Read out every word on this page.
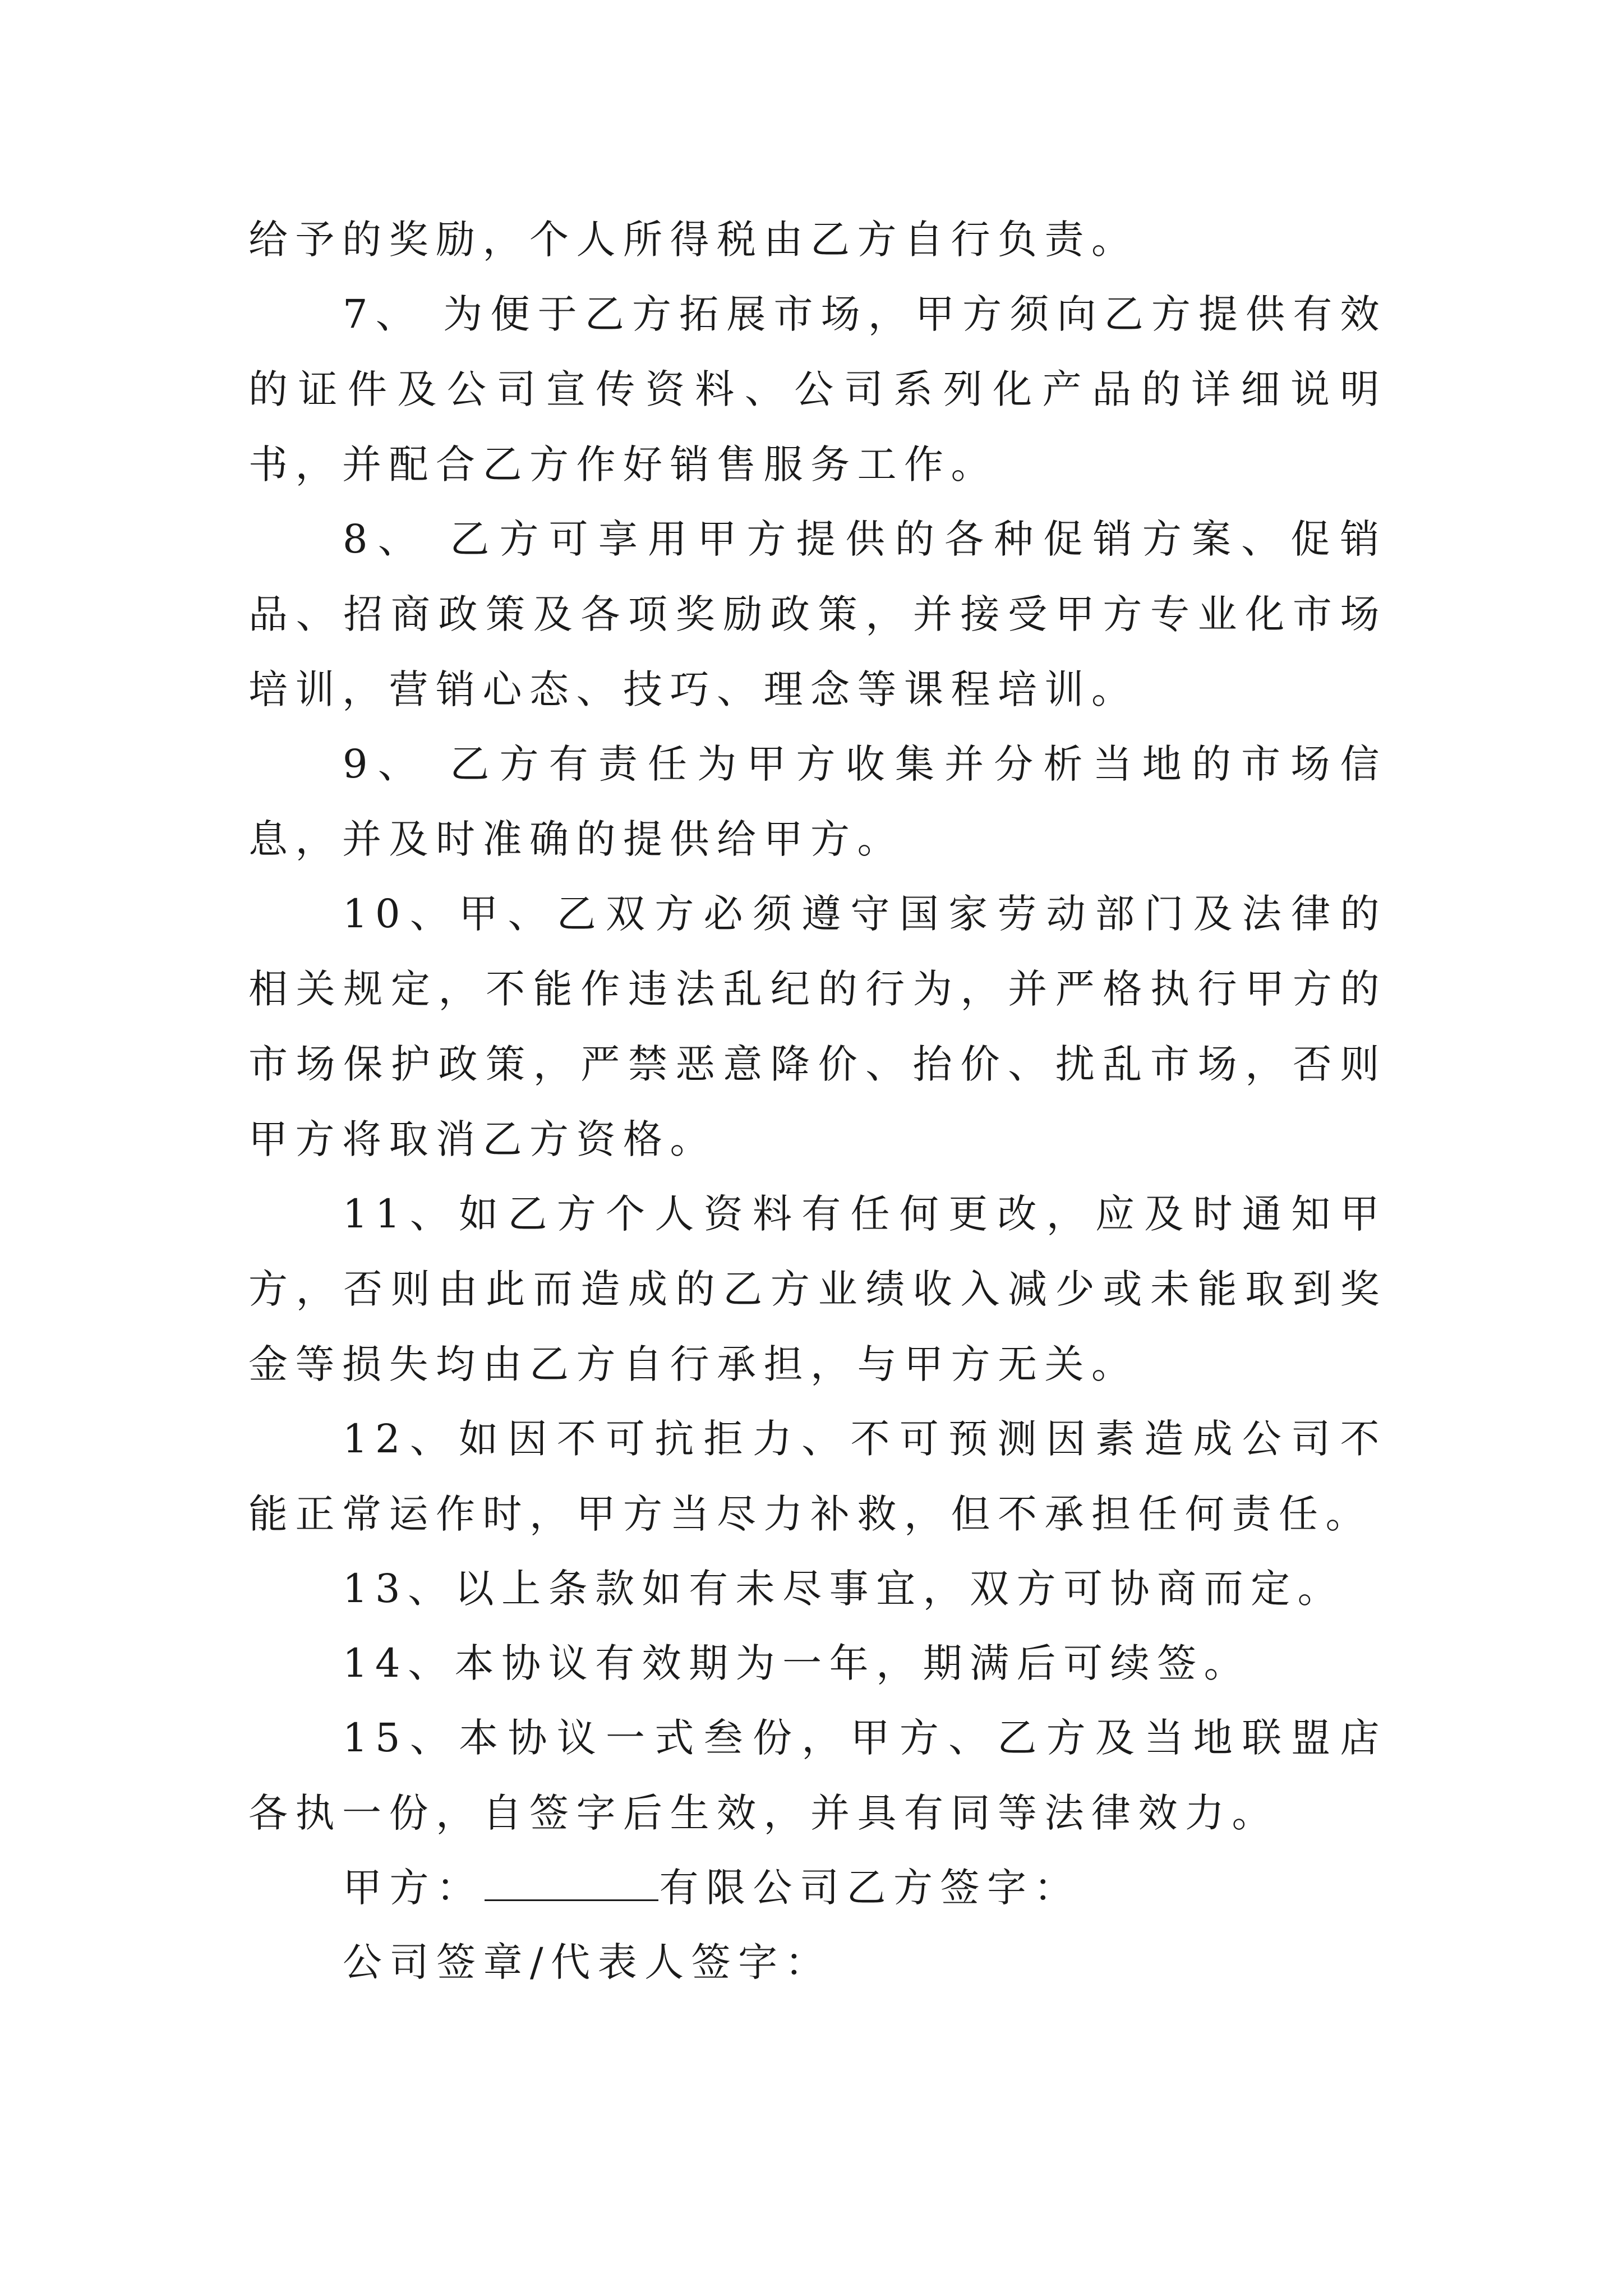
给予的奖励，个人所得税由乙方自行负责。

7、 为便于乙方拓展市场，甲方须向乙方提供有效的证件及公司宣传资料、公司系列化产品的详细说明书，并配合乙方作好销售服务工作。

8、 乙方可享用甲方提供的各种促销方案、促销品、招商政策及各项奖励政策，并接受甲方专业化市场培训，营销心态、技巧、理念等课程培训。

9、 乙方有责任为甲方收集并分析当地的市场信息，并及时准确的提供给甲方。

10、甲、乙双方必须遵守国家劳动部门及法律的相关规定，不能作违法乱纪的行为，并严格执行甲方的市场保护政策，严禁恶意降价、抬价、扰乱市场，否则甲方将取消乙方资格。

11、如乙方个人资料有任何更改，应及时通知甲方，否则由此而造成的乙方业绩收入减少或未能取到奖金等损失均由乙方自行承担，与甲方无关。

12、如因不可抗拒力、不可预测因素造成公司不能正常运作时，甲方当尽力补救，但不承担任何责任。

13、以上条款如有未尽事宜，双方可协商而定。

14、本协议有效期为一年，期满后可续签。

15、本协议一式叁份，甲方、乙方及当地联盟店各执一份，自签字后生效，并具有同等法律效力。

甲方：	有限公司乙方签字：

公司签章/代表人签字：
